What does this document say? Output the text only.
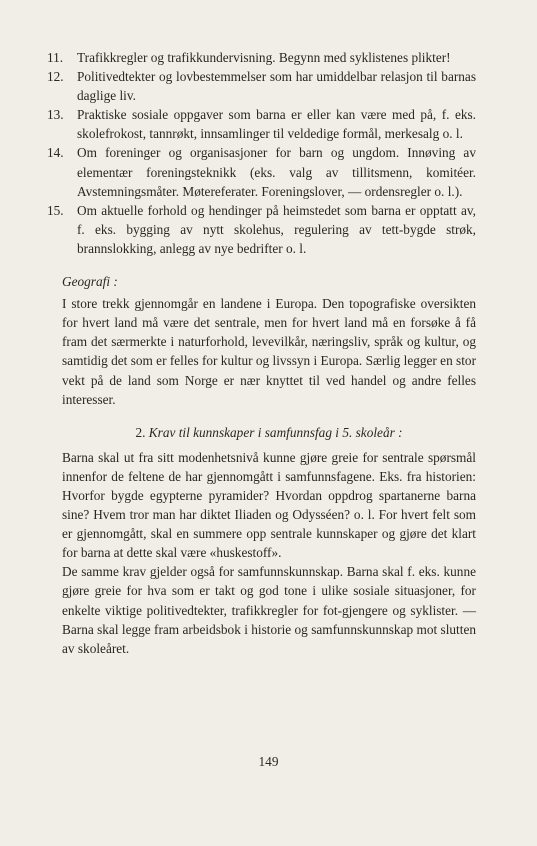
11.	Trafikkregler og trafikkundervisning. Begynn med syklistenes plikter!
12.	Politivedtekter og lovbestemmelser som har umiddelbar relasjon til barnas daglige liv.
13.	Praktiske sosiale oppgaver som barna er eller kan være med på, f. eks. skolefrokost, tannrøkt, innsamlinger til veldedige formål, merkesalg o. l.
14.	Om foreninger og organisasjoner for barn og ungdom. Innøving av elementær foreningsteknikk (eks. valg av tillitsmenn, komitéer. Avstemningsmåter. Møtereferater. Foreningslover, — ordensregler o. l.).
15.	Om aktuelle forhold og hendinger på heimstedet som barna er opptatt av, f. eks. bygging av nytt skolehus, regulering av tett-bygde strøk, brannslokking, anlegg av nye bedrifter o. l.
Geografi :
I store trekk gjennomgår en landene i Europa. Den topografiske oversikten for hvert land må være det sentrale, men for hvert land må en forsøke å få fram det særmerkte i naturforhold, levevilkår, næringsliv, språk og kultur, og samtidig det som er felles for kultur og livssyn i Europa. Særlig legger en stor vekt på de land som Norge er nær knyttet til ved handel og andre felles interesser.
2. Krav til kunnskaper i samfunnsfag i 5. skoleår :
Barna skal ut fra sitt modenhetsnivå kunne gjøre greie for sentrale spørsmål innenfor de feltene de har gjennomgått i samfunnsfagene. Eks. fra historien: Hvorfor bygde egypterne pyramider? Hvordan oppdrog spartanerne barna sine? Hvem tror man har diktet Iliaden og Odysséen? o. l. For hvert felt som er gjennomgått, skal en summere opp sentrale kunnskaper og gjøre det klart for barna at dette skal være «huskestoff».
De samme krav gjelder også for samfunnskunnskap. Barna skal f. eks. kunne gjøre greie for hva som er takt og god tone i ulike sosiale situasjoner, for enkelte viktige politivedtekter, trafikkregler for fot-gjengere og syklister. — Barna skal legge fram arbeidsbok i historie og samfunnskunnskap mot slutten av skoleåret.
149
